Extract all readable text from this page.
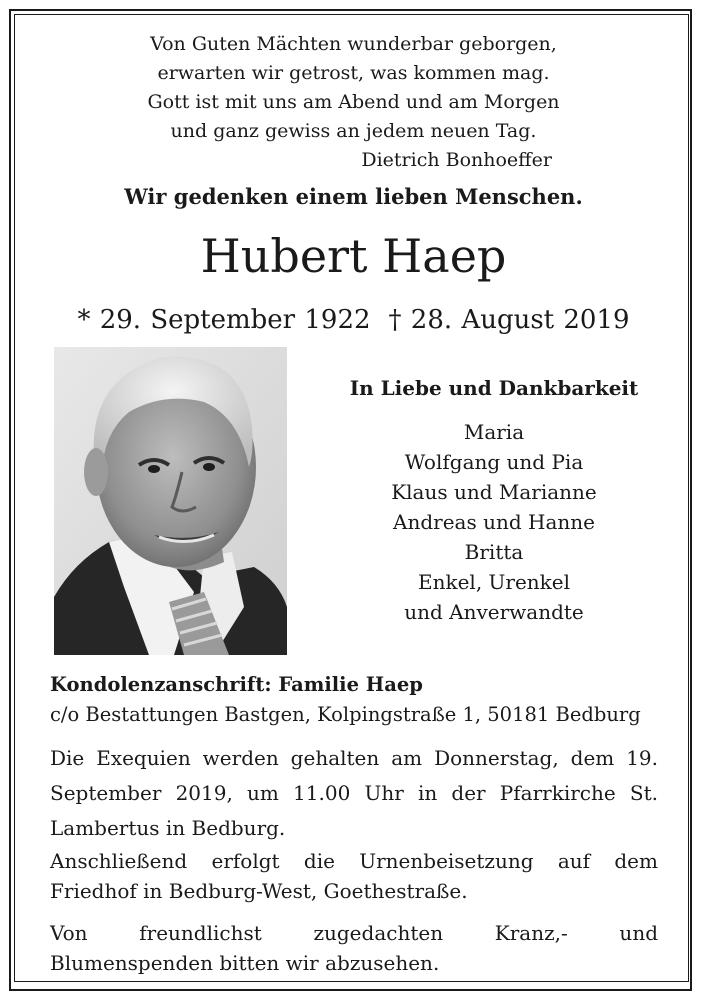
Von Guten Mächten wunderbar geborgen,
erwarten wir getrost, was kommen mag.
Gott ist mit uns am Abend und am Morgen
und ganz gewiss an jedem neuen Tag.
Dietrich Bonhoeffer
Wir gedenken einem lieben Menschen.
Hubert Haep
* 29. September 1922 † 28. August 2019
In Liebe und Dankbarkeit
Maria
Wolfgang und Pia
Klaus und Marianne
Andreas und Hanne
Britta
Enkel, Urenkel
und Anverwandte
Kondolenzanschrift: Familie Haep
c/o Bestattungen Bastgen, Kolpingstraße 1, 50181 Bedburg
Die Exequien werden gehalten am Donnerstag, dem 19. September 2019, um 11.00 Uhr in der Pfarrkirche St. Lambertus in Bedburg.
Anschließend erfolgt die Urnenbeisetzung auf dem Friedhof in Bedburg-West, Goethestraße.
Von freundlichst zugedachten Kranz,- und
Blumenspenden bitten wir abzusehen.
